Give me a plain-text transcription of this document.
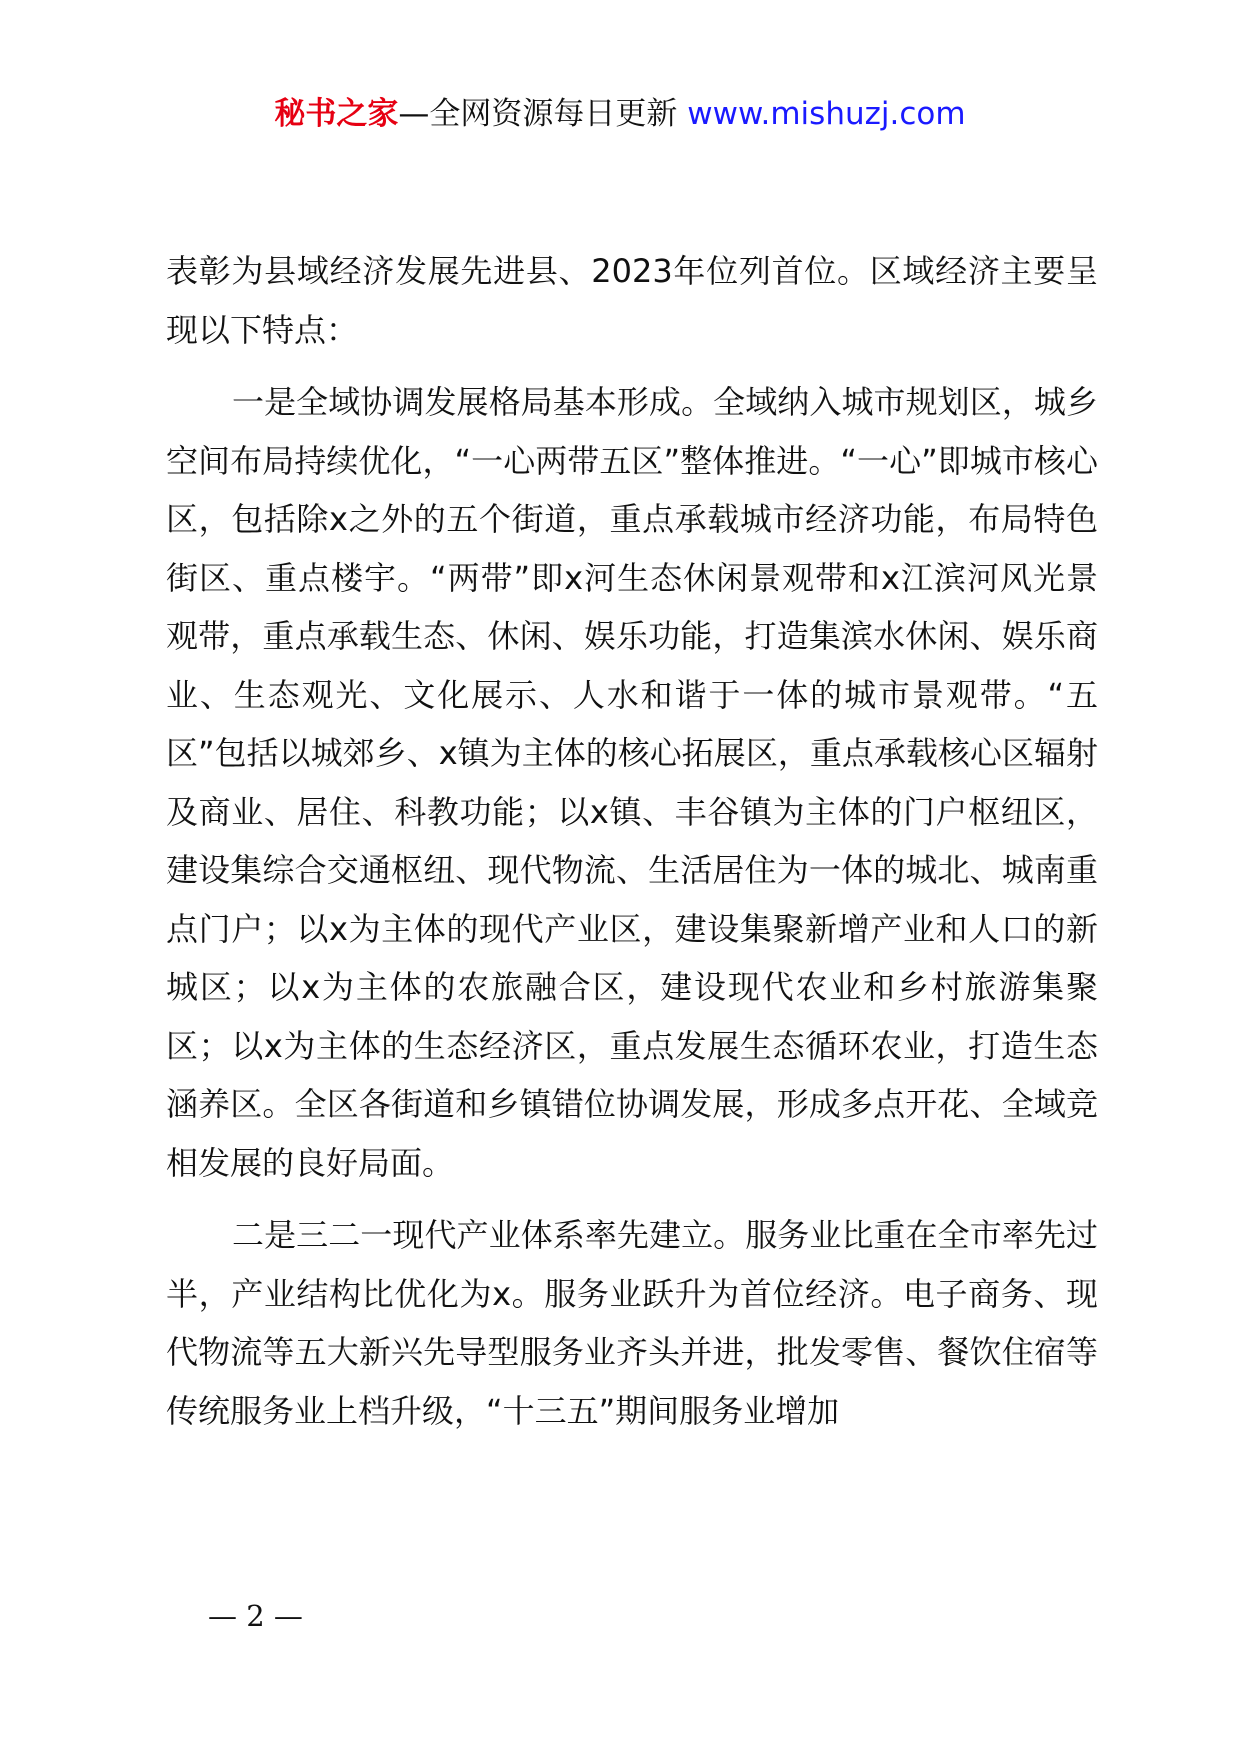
秘书之家—全网资源每日更新 www.mishuzj.com

表彰为县域经济发展先进县、2023年位列首位。区域经济主要呈现以下特点：

一是全域协调发展格局基本形成。全域纳入城市规划区，城乡空间布局持续优化，“一心两带五区”整体推进。“一心”即城市核心区，包括除x之外的五个街道，重点承载城市经济功能，布局特色街区、重点楼宇。“两带”即x河生态休闲景观带和x江滨河风光景观带，重点承载生态、休闲、娱乐功能，打造集滨水休闲、娱乐商业、生态观光、文化展示、人水和谐于一体的城市景观带。“五区”包括以城郊乡、x镇为主体的核心拓展区，重点承载核心区辐射及商业、居住、科教功能；以x镇、丰谷镇为主体的门户枢纽区，建设集综合交通枢纽、现代物流、生活居住为一体的城北、城南重点门户；以x为主体的现代产业区，建设集聚新增产业和人口的新城区；以x为主体的农旅融合区，建设现代农业和乡村旅游集聚区；以x为主体的生态经济区，重点发展生态循环农业，打造生态涵养区。全区各街道和乡镇错位协调发展，形成多点开花、全域竞相发展的良好局面。

二是三二一现代产业体系率先建立。服务业比重在全市率先过半，产业结构比优化为x。服务业跃升为首位经济。电子商务、现代物流等五大新兴先导型服务业齐头并进，批发零售、餐饮住宿等传统服务业上档升级，“十三五”期间服务业增加

— 2 —
